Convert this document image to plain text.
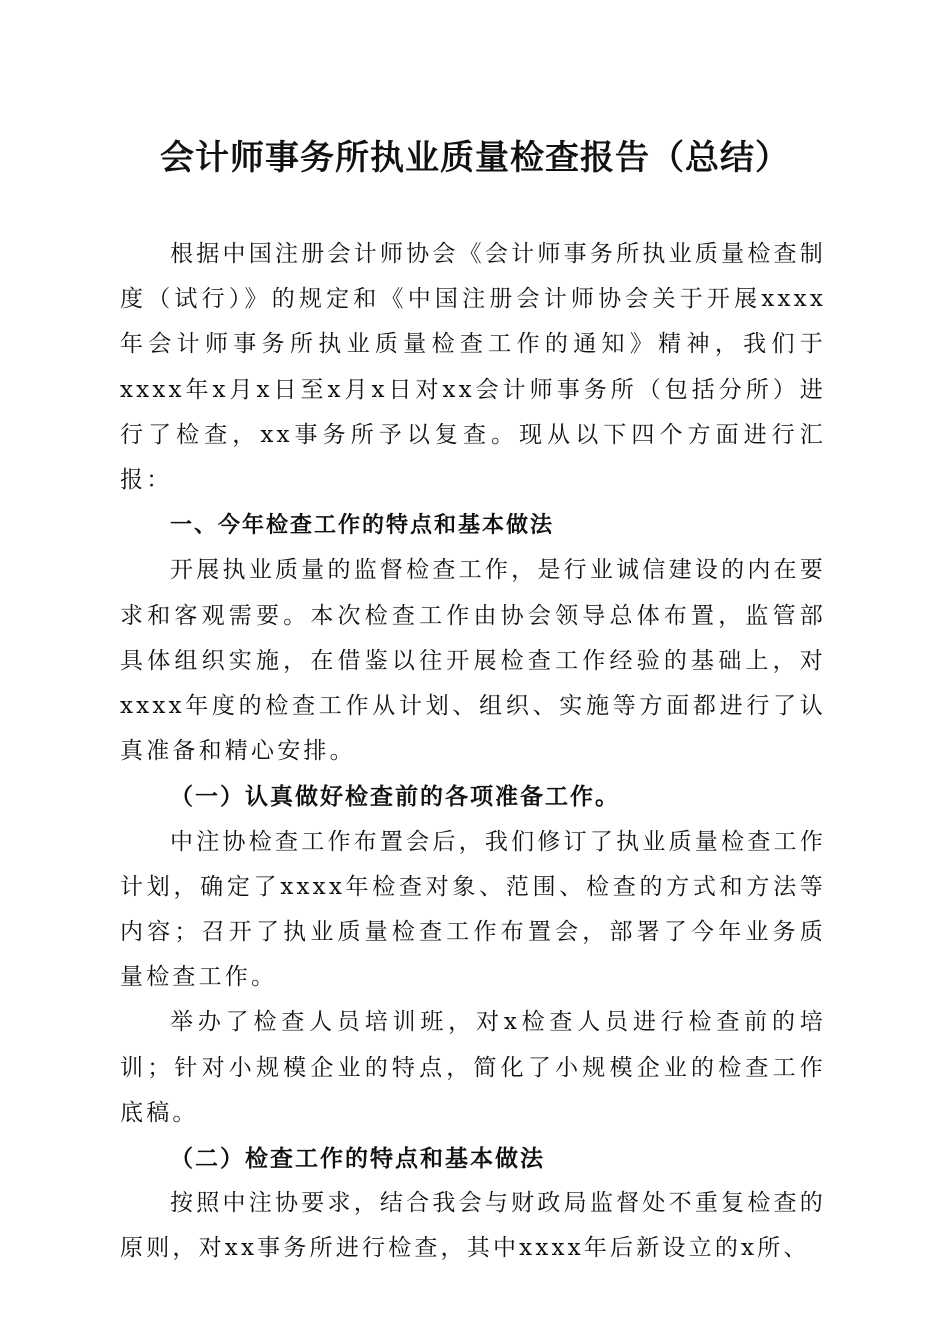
会计师事务所执业质量检查报告（总结）

根据中国注册会计师协会《会计师事务所执业质量检查制度（试行）》的规定和《中国注册会计师协会关于开展xxxx年会计师事务所执业质量检查工作的通知》精神，我们于xxxx年x月x日至x月x日对xx会计师事务所（包括分所）进行了检查，xx事务所予以复查。现从以下四个方面进行汇报：

一、今年检查工作的特点和基本做法

开展执业质量的监督检查工作，是行业诚信建设的内在要求和客观需要。本次检查工作由协会领导总体布置，监管部具体组织实施，在借鉴以往开展检查工作经验的基础上，对xxxx年度的检查工作从计划、组织、实施等方面都进行了认真准备和精心安排。

（一）认真做好检查前的各项准备工作。

中注协检查工作布置会后，我们修订了执业质量检查工作计划，确定了xxxx年检查对象、范围、检查的方式和方法等内容；召开了执业质量检查工作布置会，部署了今年业务质量检查工作。

举办了检查人员培训班，对x检查人员进行检查前的培训；针对小规模企业的特点，简化了小规模企业的检查工作底稿。

（二）检查工作的特点和基本做法

按照中注协要求，结合我会与财政局监督处不重复检查的原则，对xx事务所进行检查，其中xxxx年后新设立的x所、
